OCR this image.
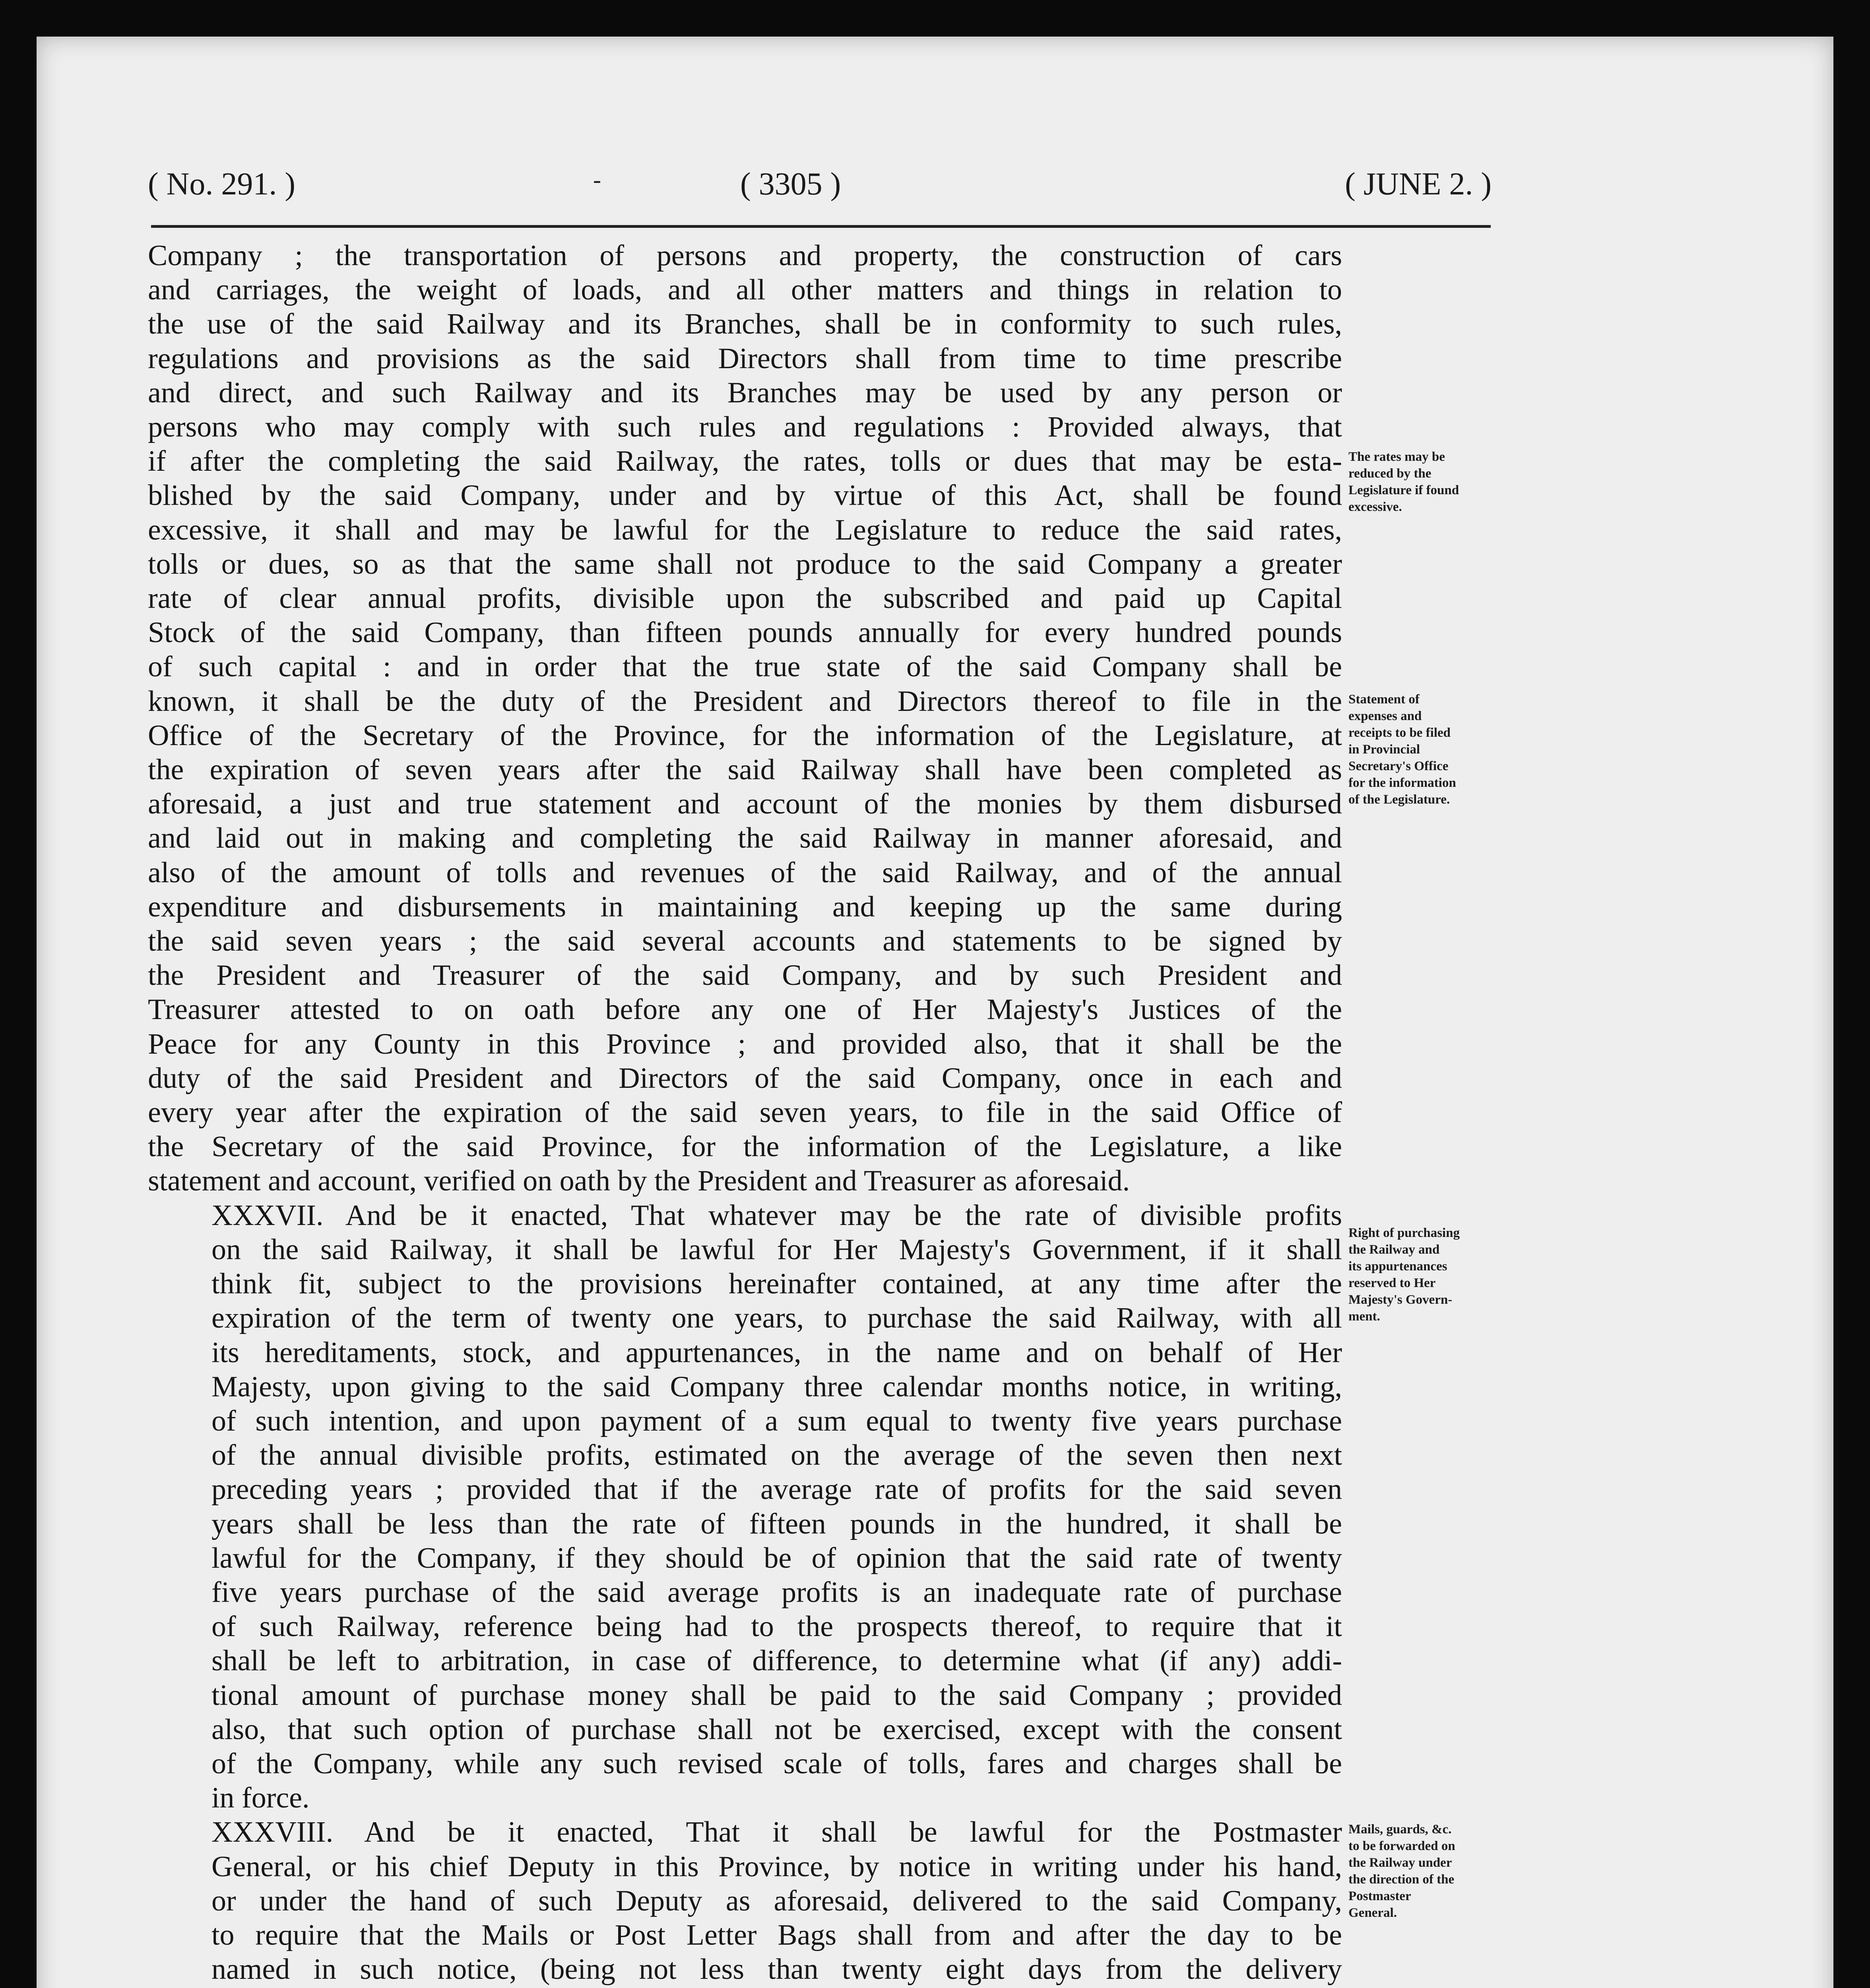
( No. 291. )	-	( 3305 )	( JUNE 2. )

Company ; the transportation of persons and property, the construction of cars
and carriages, the weight of loads, and all other matters and things in relation to
the use of the said Railway and its Branches, shall be in conformity to such rules,
regulations and provisions as the said Directors shall from time to time prescribe
and direct, and such Railway and its Branches may be used by any person or
persons who may comply with such rules and regulations : Provided always, that
if after the completing the said Railway, the rates, tolls or dues that may be esta-
blished by the said Company, under and by virtue of this Act, shall be found
excessive, it shall and may be lawful for the Legislature to reduce the said rates,
tolls or dues, so as that the same shall not produce to the said Company a greater
rate of clear annual profits, divisible upon the subscribed and paid up Capital
Stock of the said Company, than fifteen pounds annually for every hundred pounds
of such capital : and in order that the true state of the said Company shall be
known, it shall be the duty of the President and Directors thereof to file in the
Office of the Secretary of the Province, for the information of the Legislature, at
the expiration of seven years after the said Railway shall have been completed as
aforesaid, a just and true statement and account of the monies by them disbursed
and laid out in making and completing the said Railway in manner aforesaid, and
also of the amount of tolls and revenues of the said Railway, and of the annual
expenditure and disbursements in maintaining and keeping up the same during
the said seven years ; the said several accounts and statements to be signed by
the President and Treasurer of the said Company, and by such President and
Treasurer attested to on oath before any one of Her Majesty's Justices of the
Peace for any County in this Province ; and provided also, that it shall be the
duty of the said President and Directors of the said Company, once in each and
every year after the expiration of the said seven years, to file in the said Office of
the Secretary of the said Province, for the information of the Legislature, a like
statement and account, verified on oath by the President and Treasurer as aforesaid.

XXXVII. And be it enacted, That whatever may be the rate of divisible profits
on the said Railway, it shall be lawful for Her Majesty's Government, if it shall
think fit, subject to the provisions hereinafter contained, at any time after the
expiration of the term of twenty one years, to purchase the said Railway, with all
its hereditaments, stock, and appurtenances, in the name and on behalf of Her
Majesty, upon giving to the said Company three calendar months notice, in writing,
of such intention, and upon payment of a sum equal to twenty five years purchase
of the annual divisible profits, estimated on the average of the seven then next
preceding years ; provided that if the average rate of profits for the said seven
years shall be less than the rate of fifteen pounds in the hundred, it shall be
lawful for the Company, if they should be of opinion that the said rate of twenty
five years purchase of the said average profits is an inadequate rate of purchase
of such Railway, reference being had to the prospects thereof, to require that it
shall be left to arbitration, in case of difference, to determine what (if any) addi-
tional amount of purchase money shall be paid to the said Company ; provided
also, that such option of purchase shall not be exercised, except with the consent
of the Company, while any such revised scale of tolls, fares and charges shall be
in force.

XXXVIII. And be it enacted, That it shall be lawful for the Postmaster
General, or his chief Deputy in this Province, by notice in writing under his hand,
or under the hand of such Deputy as aforesaid, delivered to the said Company,
to require that the Mails or Post Letter Bags shall from and after the day to be
named in such notice, (being not less than twenty eight days from the delivery

The rates may be
reduced by the
Legislature if found
excessive.
Statement of
expenses and
receipts to be filed
in Provincial
Secretary's Office
for the information
of the Legislature.
Right of purchasing
the Railway and
its appurtenances
reserved to Her
Majesty's Govern-
ment.
Mails, guards, &c.
to be forwarded on
the Railway under
the direction of the
Postmaster
General.
